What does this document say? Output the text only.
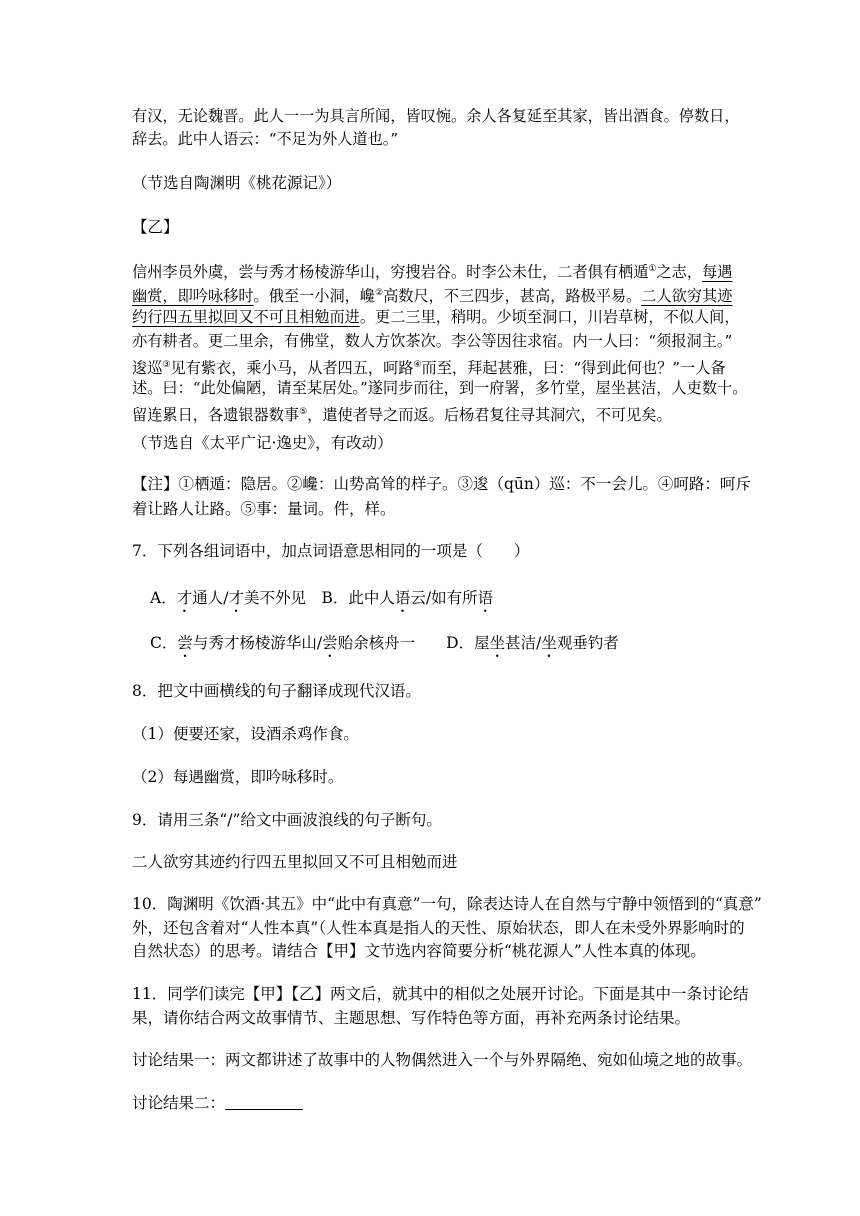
有汉，无论魏晋。此人一一为具言所闻，皆叹惋。余人各复延至其家，皆出酒食。停数日，
辞去。此中人语云：“不足为外人道也。”
（节选自陶渊明《桃花源记》）
【乙】
信州李员外虞，尝与秀才杨棱游华山，穷搜岩谷。时李公未仕，二者俱有栖遁①之志，每遇
幽赏，即吟咏移时。俄至一小洞，巉②高数尺，不三四步，甚高，路极平易。二人欲穷其迹
约行四五里拟回又不可且相勉而进。更二三里，稍明。少顷至洞口，川岩草树，不似人间，
亦有耕者。更二里余，有佛堂，数人方饮茶次。李公等因往求宿。内一人曰：“须报洞主。”
逡巡③见有紫衣，乘小马，从者四五，呵路④而至，拜起甚雅，曰：“得到此何也？”一人备
述。曰：“此处偏陋，请至某居处。”遂同步而往，到一府署，多竹堂，屋坐甚洁，人吏数十。
留连累日，各遗银器数事⑤，遣使者导之而返。后杨君复往寻其洞穴，不可见矣。
（节选自《太平广记·逸史》，有改动）
【注】①栖遁：隐居。②巉：山势高耸的样子。③逡（qūn）巡：不一会儿。④呵路：呵斥
着让路人让路。⑤事：量词。件，样。
7．下列各组词语中，加点词语意思相同的一项是（　　）
A．才通人/才美不外见　B．此中人语云/如有所语
C．尝与秀才杨棱游华山/尝贻余核舟一　　D．屋坐甚洁/坐观垂钓者
8．把文中画横线的句子翻译成现代汉语。
（1）便要还家，设酒杀鸡作食。
（2）每遇幽赏，即吟咏移时。
9．请用三条“/”给文中画波浪线的句子断句。
二人欲穷其迹约行四五里拟回又不可且相勉而进
10．陶渊明《饮酒·其五》中“此中有真意”一句，除表达诗人在自然与宁静中领悟到的“真意”
外，还包含着对“人性本真”（人性本真是指人的天性、原始状态，即人在未受外界影响时的
自然状态）的思考。请结合【甲】文节选内容简要分析“桃花源人”人性本真的体现。
11．同学们读完【甲】【乙】两文后，就其中的相似之处展开讨论。下面是其中一条讨论结
果，请你结合两文故事情节、主题思想、写作特色等方面，再补充两条讨论结果。
讨论结果一：两文都讲述了故事中的人物偶然进入一个与外界隔绝、宛如仙境之地的故事。
讨论结果二：
